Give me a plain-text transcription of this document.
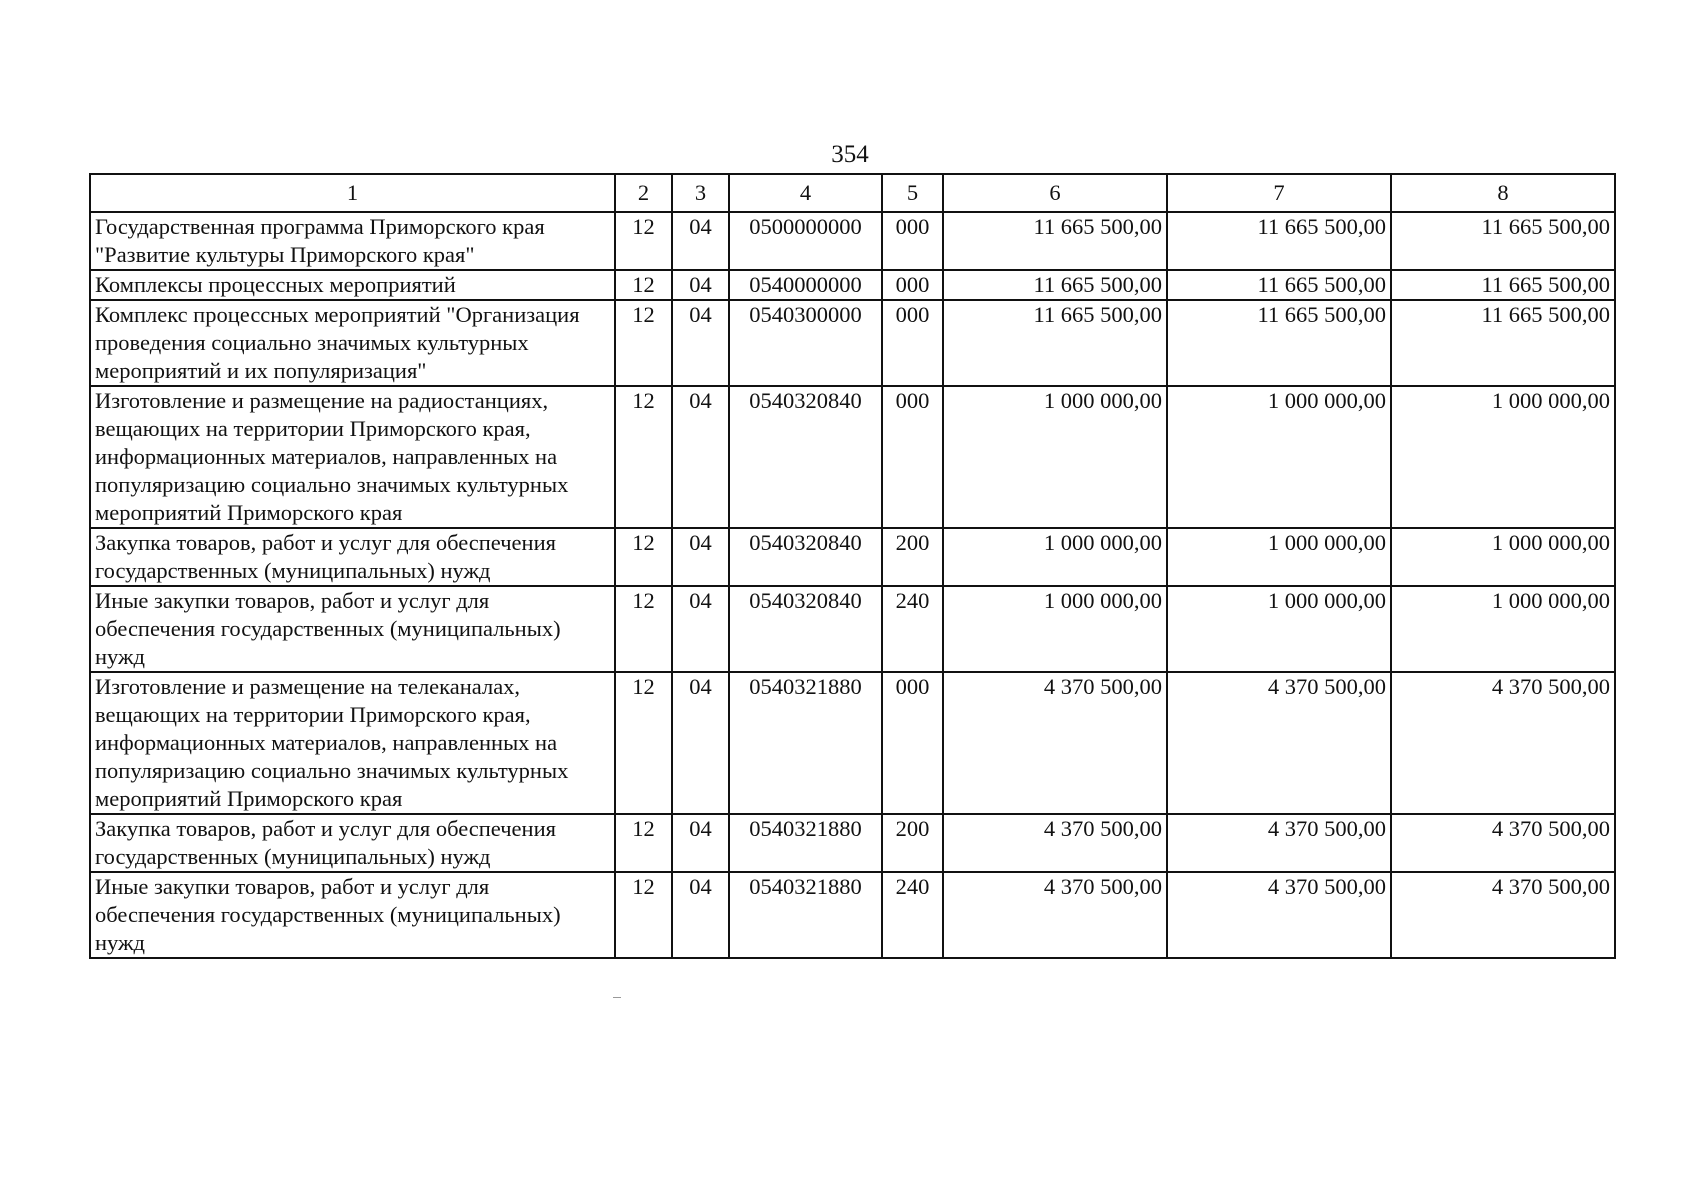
354
1	2	3	4	5	6	7	8
Государственная программа Приморского края "Развитие культуры Приморского края"	12	04	0500000000	000	11 665 500,00	11 665 500,00	11 665 500,00
Комплексы процессных мероприятий	12	04	0540000000	000	11 665 500,00	11 665 500,00	11 665 500,00
Комплекс процессных мероприятий "Организация проведения социально значимых культурных мероприятий и их популяризация"	12	04	0540300000	000	11 665 500,00	11 665 500,00	11 665 500,00
Изготовление и размещение на радиостанциях, вещающих на территории Приморского края, информационных материалов, направленных на популяризацию социально значимых культурных мероприятий Приморского края	12	04	0540320840	000	1 000 000,00	1 000 000,00	1 000 000,00
Закупка товаров, работ и услуг для обеспечения государственных (муниципальных) нужд	12	04	0540320840	200	1 000 000,00	1 000 000,00	1 000 000,00
Иные закупки товаров, работ и услуг для обеспечения государственных (муниципальных) нужд	12	04	0540320840	240	1 000 000,00	1 000 000,00	1 000 000,00
Изготовление и размещение на телеканалах, вещающих на территории Приморского края, информационных материалов, направленных на популяризацию социально значимых культурных мероприятий Приморского края	12	04	0540321880	000	4 370 500,00	4 370 500,00	4 370 500,00
Закупка товаров, работ и услуг для обеспечения государственных (муниципальных) нужд	12	04	0540321880	200	4 370 500,00	4 370 500,00	4 370 500,00
Иные закупки товаров, работ и услуг для обеспечения государственных (муниципальных) нужд	12	04	0540321880	240	4 370 500,00	4 370 500,00	4 370 500,00
